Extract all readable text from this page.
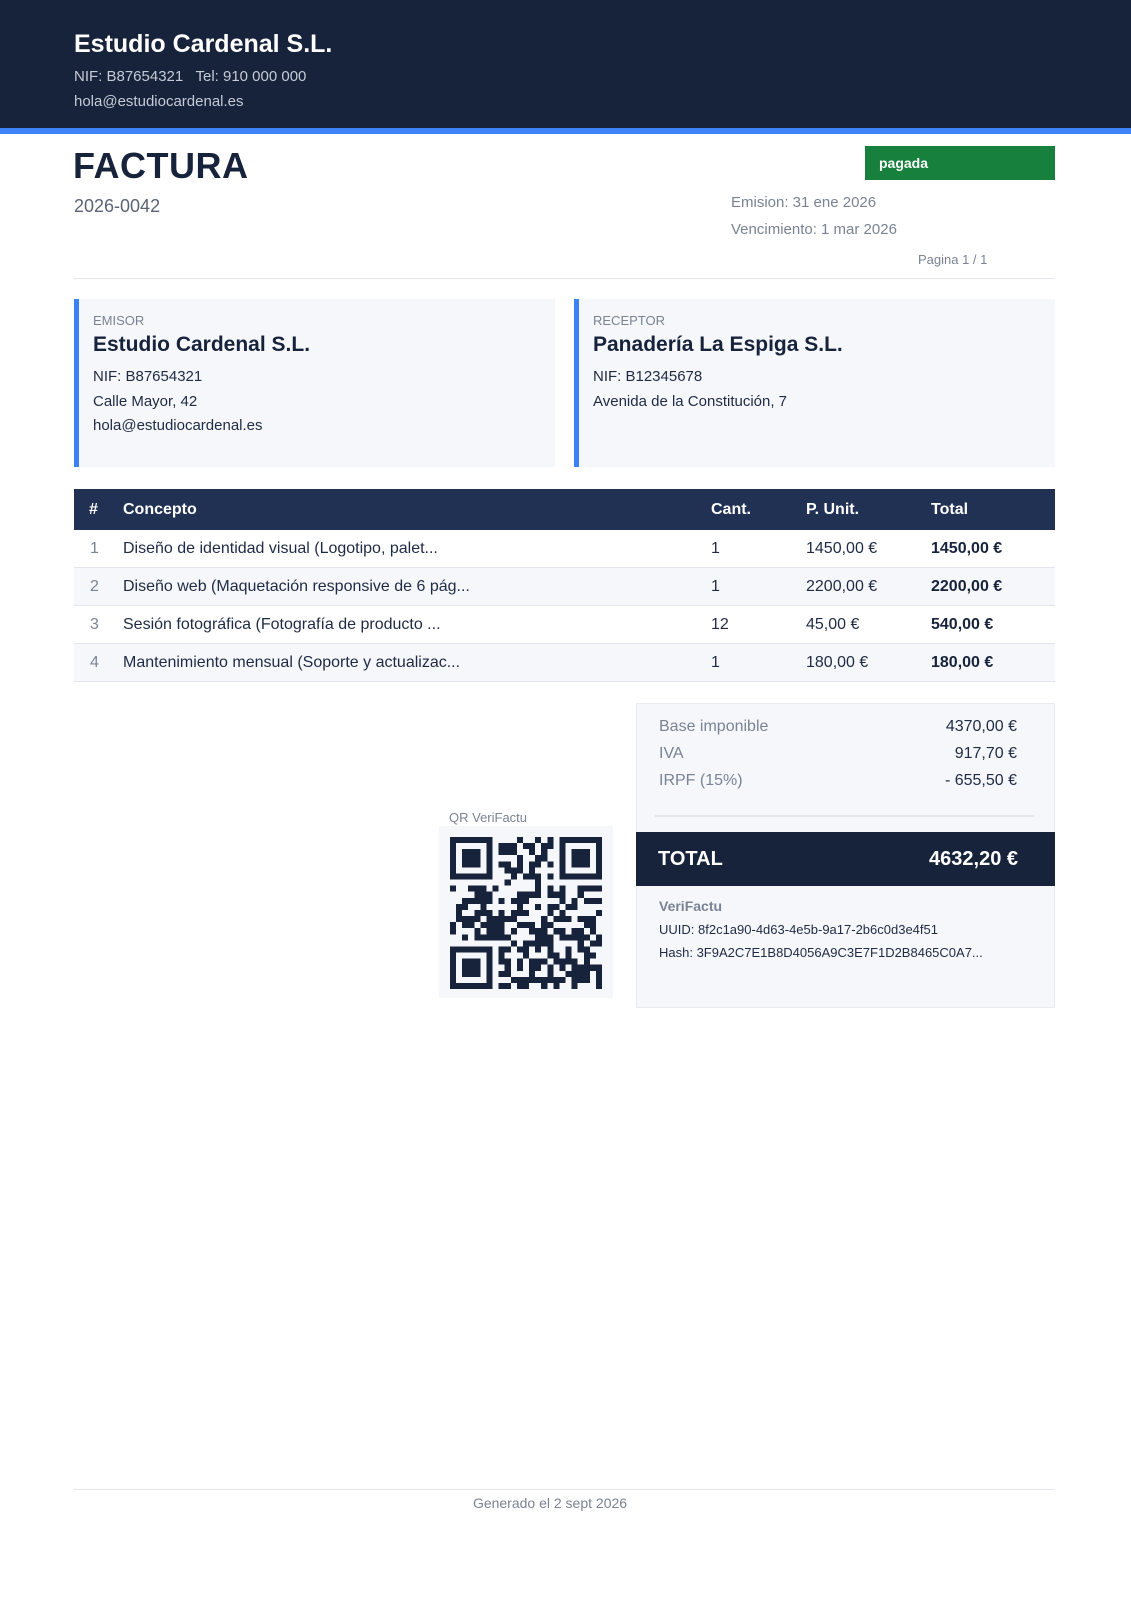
Estudio Cardenal S.L.
NIF: B87654321   Tel: 910 000 000
hola@estudiocardenal.es
FACTURA
2026-0042
pagada
Emision: 31 ene 2026
Vencimiento: 1 mar 2026
Pagina 1 / 1
EMISOR
Estudio Cardenal S.L.
NIF: B87654321
Calle Mayor, 42
hola@estudiocardenal.es
RECEPTOR
Panadería La Espiga S.L.
NIF: B12345678
Avenida de la Constitución, 7
#	Concepto	Cant.	P. Unit.	Total
1	Diseño de identidad visual (Logotipo, palet...	1	1450,00 €	1450,00 €
2	Diseño web (Maquetación responsive de 6 pág...	1	2200,00 €	2200,00 €
3	Sesión fotográfica (Fotografía de producto ...	12	45,00 €	540,00 €
4	Mantenimiento mensual (Soporte y actualizac...	1	180,00 €	180,00 €
QR VeriFactu
Base imponible	4370,00 €
IVA	917,70 €
IRPF (15%)	- 655,50 €
TOTAL	4632,20 €
VeriFactu
UUID: 8f2c1a90-4d63-4e5b-9a17-2b6c0d3e4f51
Hash: 3F9A2C7E1B8D4056A9C3E7F1D2B8465C0A7...
Generado el 2 sept 2026
